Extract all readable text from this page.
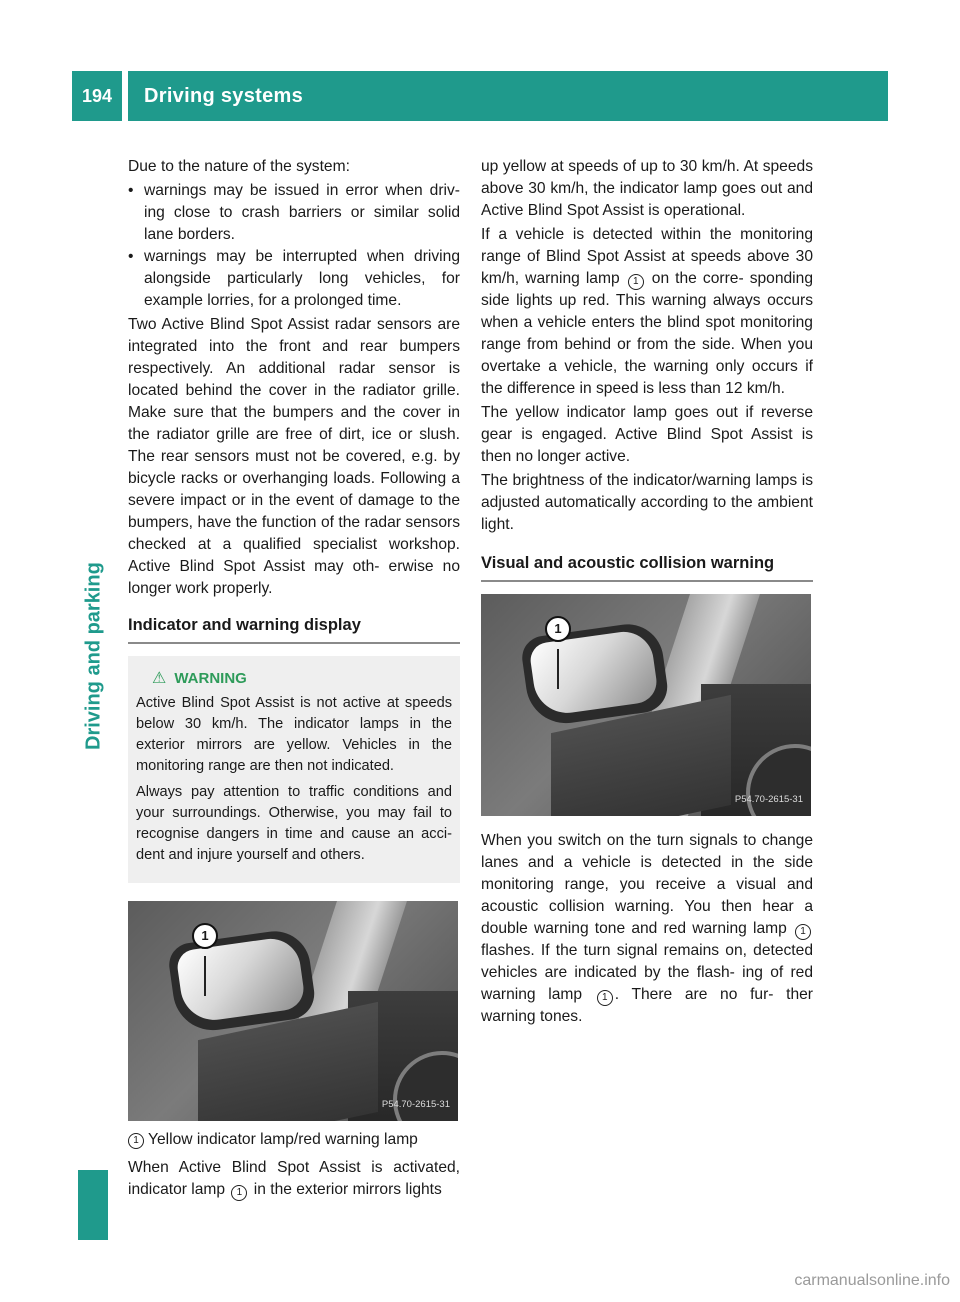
194	Driving systems
Driving and parking

Due to the nature of the system:

• warnings may be issued in error when driv- ing close to crash barriers or similar solid lane borders.
• warnings may be interrupted when driving alongside particularly long vehicles, for example lorries, for a prolonged time.

Two Active Blind Spot Assist radar sensors are integrated into the front and rear bumpers respectively. An additional radar sensor is located behind the cover in the radiator grille. Make sure that the bumpers and the cover in the radiator grille are free of dirt, ice or slush. The rear sensors must not be covered, e.g. by bicycle racks or overhanging loads. Following a severe impact or in the event of damage to the bumpers, have the function of the radar sensors checked at a qualified specialist workshop. Active Blind Spot Assist may oth- erwise no longer work properly.

Indicator and warning display
⚠ WARNING

Active Blind Spot Assist is not active at speeds below 30 km/h. The indicator lamps in the exterior mirrors are yellow. Vehicles in the monitoring range are then not indicated.

Always pay attention to traffic conditions and your surroundings. Otherwise, you may fail to recognise dangers in time and cause an acci- dent and injure yourself and others.

1
P54.70-2615-31
1 Yellow indicator lamp/red warning lamp

When Active Blind Spot Assist is activated, indicator lamp 1 in the exterior mirrors lights

up yellow at speeds of up to 30 km/h. At speeds above 30 km/h, the indicator lamp goes out and Active Blind Spot Assist is operational.

If a vehicle is detected within the monitoring range of Blind Spot Assist at speeds above 30 km/h, warning lamp 1 on the corre- sponding side lights up red. This warning always occurs when a vehicle enters the blind spot monitoring range from behind or from the side. When you overtake a vehicle, the warning only occurs if the difference in speed is less than 12 km/h.

The yellow indicator lamp goes out if reverse gear is engaged. Active Blind Spot Assist is then no longer active.

The brightness of the indicator/warning lamps is adjusted automatically according to the ambient light.

Visual and acoustic collision warning
1
P54.70-2615-31

When you switch on the turn signals to change lanes and a vehicle is detected in the side monitoring range, you receive a visual and acoustic collision warning. You then hear a double warning tone and red warning lamp 1 flashes. If the turn signal remains on, detected vehicles are indicated by the flash- ing of red warning lamp 1 . There are no fur- ther warning tones.

carmanualsonline.info
